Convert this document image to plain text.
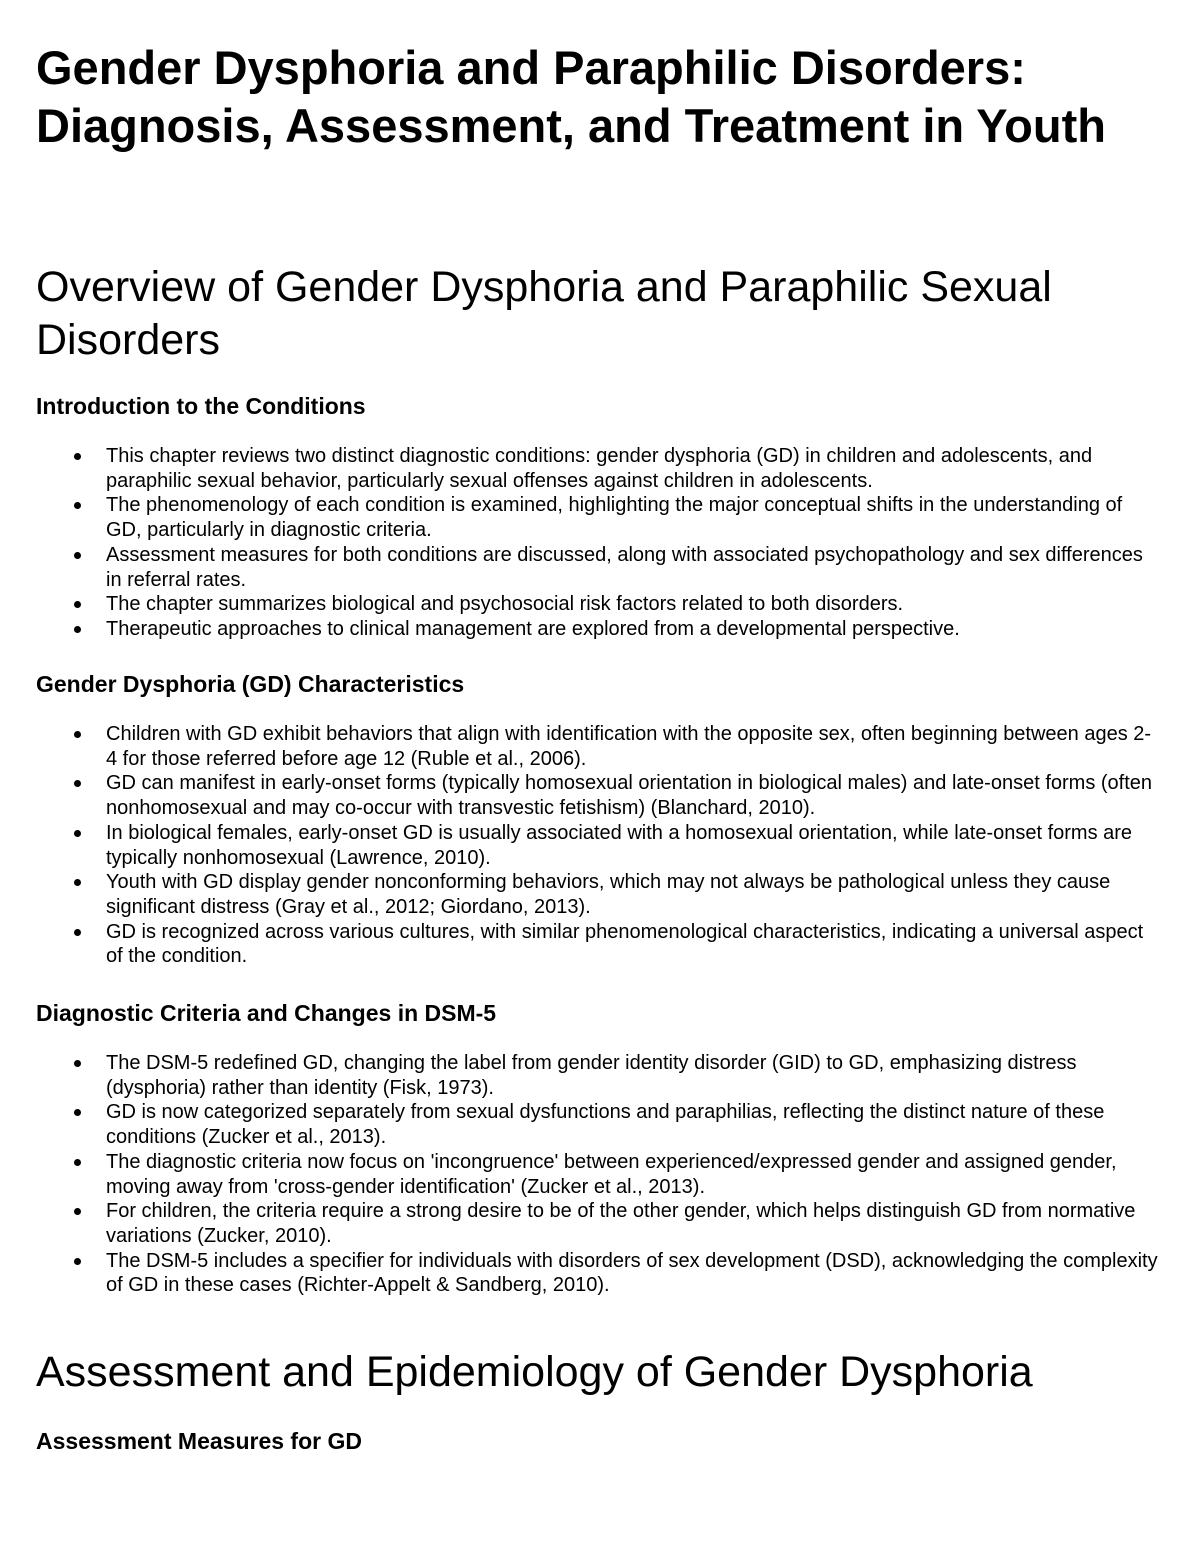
Gender Dysphoria and Paraphilic Disorders: Diagnosis, Assessment, and Treatment in Youth
Overview of Gender Dysphoria and Paraphilic Sexual Disorders
Introduction to the Conditions
This chapter reviews two distinct diagnostic conditions: gender dysphoria (GD) in children and adolescents, and paraphilic sexual behavior, particularly sexual offenses against children in adolescents.
The phenomenology of each condition is examined, highlighting the major conceptual shifts in the understanding of GD, particularly in diagnostic criteria.
Assessment measures for both conditions are discussed, along with associated psychopathology and sex differences in referral rates.
The chapter summarizes biological and psychosocial risk factors related to both disorders.
Therapeutic approaches to clinical management are explored from a developmental perspective.
Gender Dysphoria (GD) Characteristics
Children with GD exhibit behaviors that align with identification with the opposite sex, often beginning between ages 2-4 for those referred before age 12 (Ruble et al., 2006).
GD can manifest in early-onset forms (typically homosexual orientation in biological males) and late-onset forms (often nonhomosexual and may co-occur with transvestic fetishism) (Blanchard, 2010).
In biological females, early-onset GD is usually associated with a homosexual orientation, while late-onset forms are typically nonhomosexual (Lawrence, 2010).
Youth with GD display gender nonconforming behaviors, which may not always be pathological unless they cause significant distress (Gray et al., 2012; Giordano, 2013).
GD is recognized across various cultures, with similar phenomenological characteristics, indicating a universal aspect of the condition.
Diagnostic Criteria and Changes in DSM-5
The DSM-5 redefined GD, changing the label from gender identity disorder (GID) to GD, emphasizing distress (dysphoria) rather than identity (Fisk, 1973).
GD is now categorized separately from sexual dysfunctions and paraphilias, reflecting the distinct nature of these conditions (Zucker et al., 2013).
The diagnostic criteria now focus on 'incongruence' between experienced/expressed gender and assigned gender, moving away from 'cross-gender identification' (Zucker et al., 2013).
For children, the criteria require a strong desire to be of the other gender, which helps distinguish GD from normative variations (Zucker, 2010).
The DSM-5 includes a specifier for individuals with disorders of sex development (DSD), acknowledging the complexity of GD in these cases (Richter-Appelt & Sandberg, 2010).
Assessment and Epidemiology of Gender Dysphoria
Assessment Measures for GD
